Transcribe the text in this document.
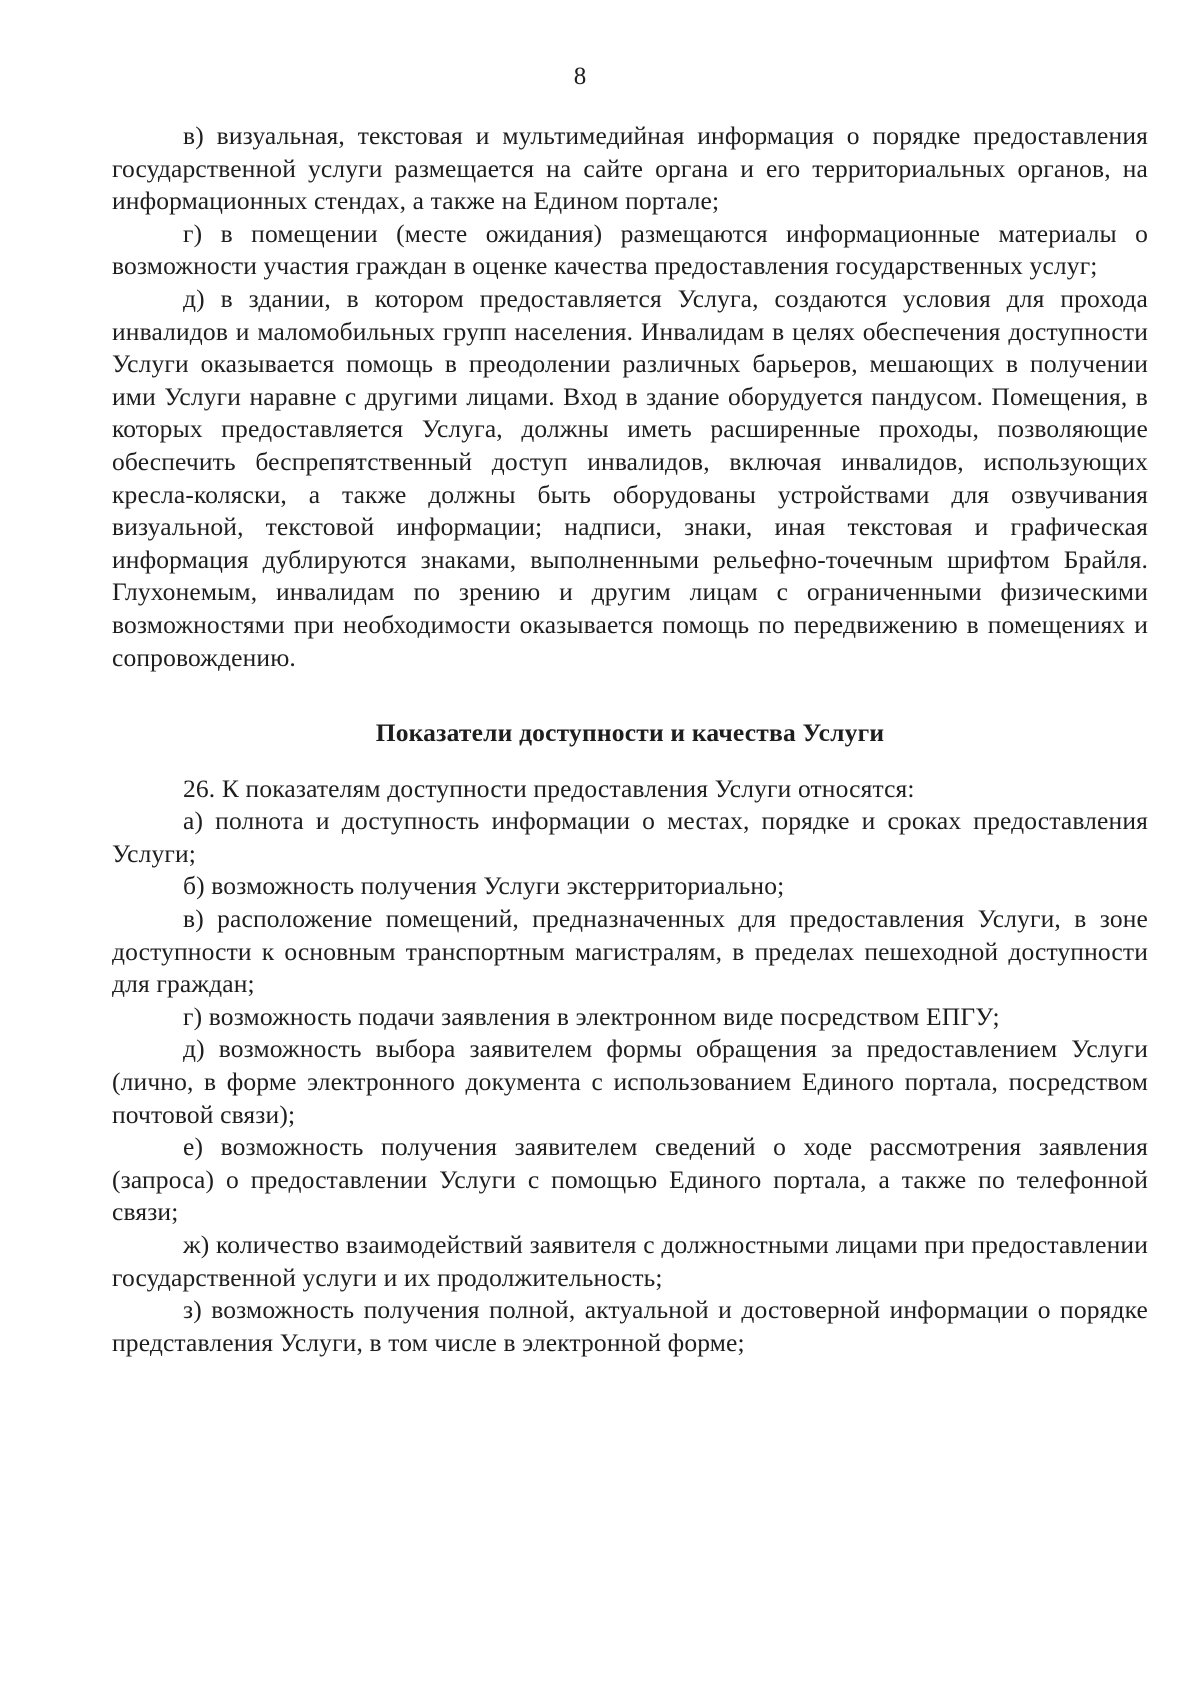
8

в) визуальная, текстовая и мультимедийная информация о порядке предоставления государственной услуги размещается на сайте органа и его территориальных органов, на информационных стендах, а также на Едином портале;

г) в помещении (месте ожидания) размещаются информационные материалы о возможности участия граждан в оценке качества предоставления государственных услуг;

д) в здании, в котором предоставляется Услуга, создаются условия для прохода инвалидов и маломобильных групп населения. Инвалидам в целях обеспечения доступности Услуги оказывается помощь в преодолении различных барьеров, мешающих в получении ими Услуги наравне с другими лицами. Вход в здание оборудуется пандусом. Помещения, в которых предоставляется Услуга, должны иметь расширенные проходы, позволяющие обеспечить беспрепятственный доступ инвалидов, включая инвалидов, использующих кресла-коляски, а также должны быть оборудованы устройствами для озвучивания визуальной, текстовой информации; надписи, знаки, иная текстовая и графическая информация дублируются знаками, выполненными рельефно-точечным шрифтом Брайля. Глухонемым, инвалидам по зрению и другим лицам с ограниченными физическими возможностями при необходимости оказывается помощь по передвижению в помещениях и сопровождению.

Показатели доступности и качества Услуги

26. К показателям доступности предоставления Услуги относятся:

а) полнота и доступность информации о местах, порядке и сроках предоставления Услуги;

б) возможность получения Услуги экстерриториально;

в) расположение помещений, предназначенных для предоставления Услуги, в зоне доступности к основным транспортным магистралям, в пределах пешеходной доступности для граждан;

г) возможность подачи заявления в электронном виде посредством ЕПГУ;

д) возможность выбора заявителем формы обращения за предоставлением Услуги (лично, в форме электронного документа с использованием Единого портала, посредством почтовой связи);

е) возможность получения заявителем сведений о ходе рассмотрения заявления (запроса) о предоставлении Услуги с помощью Единого портала, а также по телефонной связи;

ж) количество взаимодействий заявителя с должностными лицами при предоставлении государственной услуги и их продолжительность;

з) возможность получения полной, актуальной и достоверной информации о порядке представления Услуги, в том числе в электронной форме;
